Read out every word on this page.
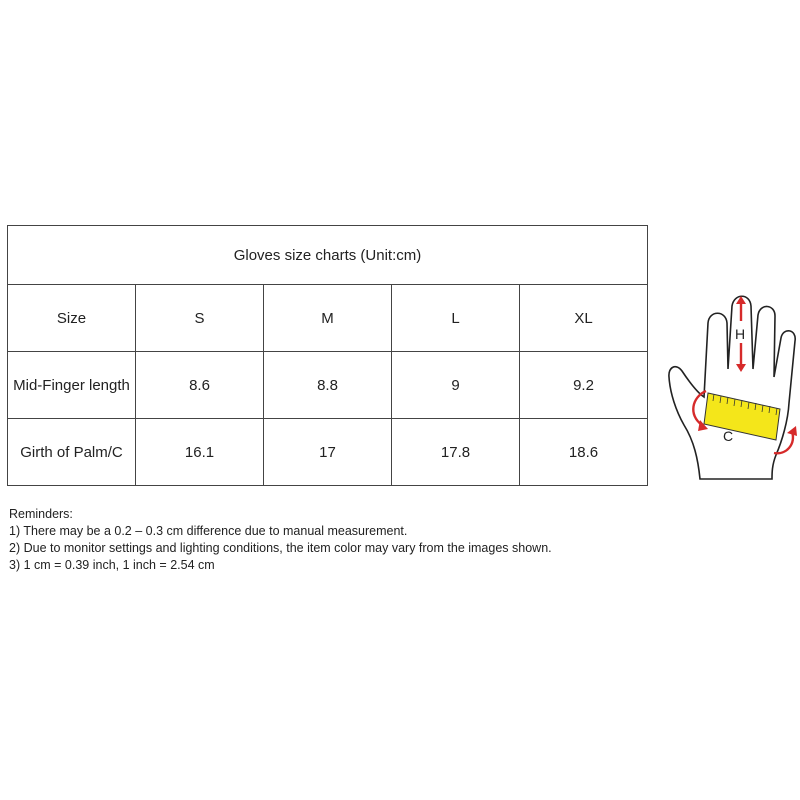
Gloves size charts (Unit:cm)				
Size	S	M	L	XL
Mid-Finger length	8.6	8.8	9	9.2
Girth of Palm/C	16.1	17	17.8	18.6
Reminders:
1) There may be a 0.2 – 0.3 cm difference due to manual measurement.
2) Due to monitor settings and lighting conditions, the item color may vary from the images shown.
3) 1 cm = 0.39 inch, 1 inch = 2.54 cm
H
C
